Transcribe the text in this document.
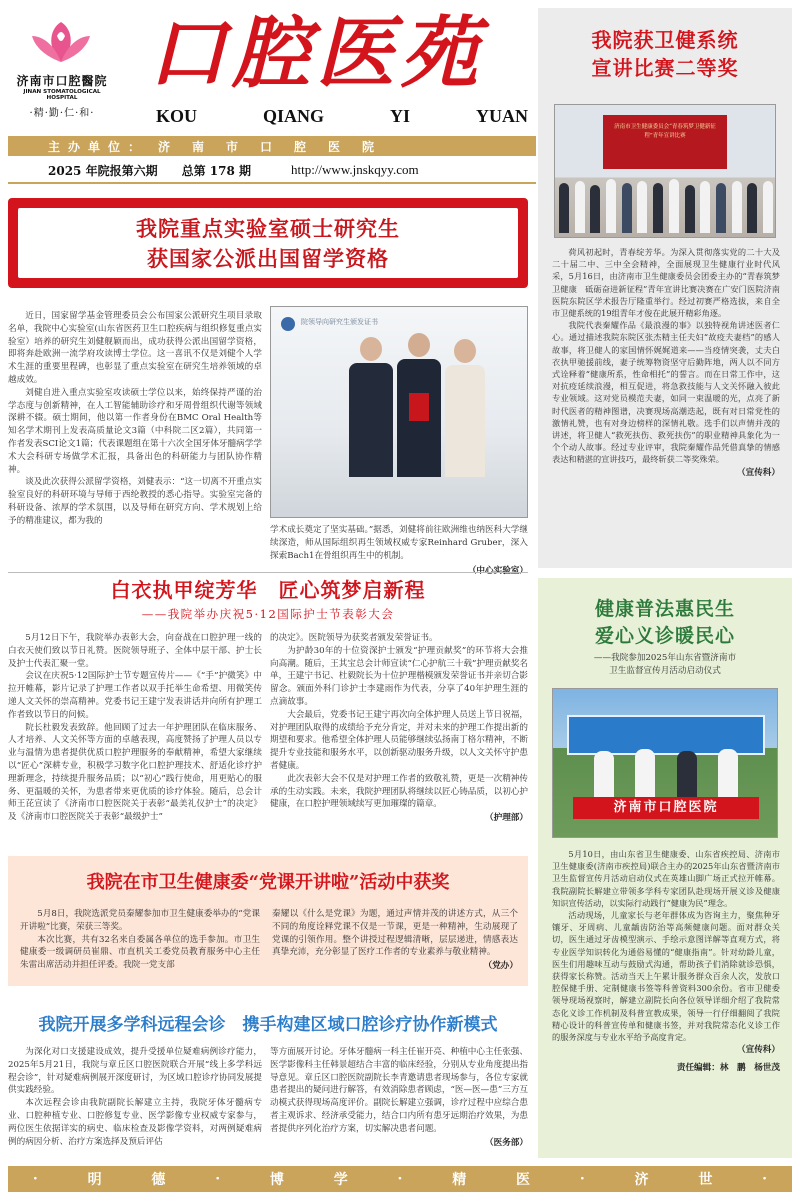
济南市口腔醫院
JINAN STOMATOLOGICAL HOSPITAL
·精·勤·仁·和·
口腔医苑
KOU	QIANG	YI	YUAN
主办单位： 济南市口腔医院
2025 年院报第六期 总第 178 期	http://www.jnskqyy.com
我院重点实验室硕士研究生
获国家公派出国留学资格

近日，国家留学基金管理委员会公布国家公派研究生项目录取名单，我院中心实验室(山东省医药卫生口腔疾病与组织修复重点实验室）培养的研究生刘健舰颖而出，成功获得公派出国留学资格，即将奔赴欧洲一流学府攻读博士学位。这一喜讯不仅是刘健个人学术生涯的重要里程碑，也彰显了重点实验室在研究生培养领域的卓越成效。

刘健自进入重点实验室攻读硕士学位以来，始终保持严谨的治学态度与创新精神，在人工智能辅助诊疗和牙周骨组织代谢等领域深耕不辍。硕士期间，他以第一作者身份在BMC Oral Health等知名学术期刊上发表高质量论文3篇（中科院二区2篇），共同第一作者发表SCI论文1篇；代表课题组在第十六次全国牙体牙髓病学学术大会科研专场做学术汇报，具备出色的科研能力与团队协作精神。

谈及此次获得公派留学资格，刘健表示：“这一切离不开重点实验室良好的科研环境与导师于西纶教授的悉心指导。实验室完备的科研设备、浓厚的学术氛围，以及导师在研究方向、学术规划上给予的精准建议，都为我的

院领导向研究生颁发证书

学术成长奠定了坚实基础。”据悉，刘健将前往欧洲维也纳医科大学继续深造，师从国际组织再生领域权威专家Reinhard Gruber，深入探索Bach1在骨组织再生中的机制。

白衣执甲绽芳华　匠心筑梦启新程
——我院举办庆祝5·12国际护士节表彰大会

5月12日下午，我院举办表彰大会，向奋战在口腔护理一线的白衣天使们致以节日礼赞。医院领导班子、全体中层干部、护士长及护士代表汇聚一堂。

会议在庆祝5·12国际护士节专题宣传片——《“手”护微笑》中拉开帷幕，影片记录了护理工作者以双手托举生命希望、用微笑传递人文关怀的崇高精神。党委书记王建宁发表讲话并向所有护理工作者致以节日的问候。

院长杜毅发表致辞。他回顾了过去一年护理团队在临床服务、人才培养、人文关怀等方面的卓越表现，高度赞扬了护理人员以专业与温情为患者提供优质口腔护理服务的奉献精神，希望大家继续以“匠心”深耕专业，积极学习数字化口腔护理技术、舒适化诊疗护理新理念，持续提升服务品质；以“初心”践行使命，用更贴心的服务、更温暖的关怀，为患者带来更优质的诊疗体验。随后，总会计师王芘宣读了《济南市口腔医院关于表彰“最美礼仪护士”的决定》及《济南市口腔医院关于表彰“最级护士”

的决定》。医院领导为获奖者颁发荣誉证书。

为护龄30年的十位资深护士颁发“护理贡献奖”的环节将大会推向高潮。随后，王其宝总会计师宣读“仁心护航三十载”护理贡献奖名单，王建宁书记、杜毅院长为十位护理楷模颁发荣誉证书并亲切合影留念。颁面外科门诊护士李建雨作为代表，分享了40年护理生涯的点滴故事。

大会最后，党委书记王建宁再次向全体护理人员送上节日祝福，对护理团队取得的成绩给予充分肯定，并对未来的护理工作提出新的期望和要求。他希望全体护理人员能够继续弘扬南丁格尔精神，不断提升专业技能和服务水平，以创新驱动服务升级，以人文关怀守护患者健康。

此次表彰大会不仅是对护理工作者的致敬礼赞，更是一次精神传承的生动实践。未来，我院护理团队将继续以匠心铸品质，以初心护健康，在口腔护理领域续写更加璀璨的篇章。

（护理部）
我院在市卫生健康委“党课开讲啦”活动中获奖

5月8日，我院选派党员秦耀参加市卫生健康委举办的“党课开讲啦”比赛，荣获三等奖。

本次比赛，共有32名来自委属各单位的选手参加。市卫生健康委一级调研员崔鼎、市直机关工委党员教育服务中心主任朱雷出席活动并担任评委。我院一党支部

秦耀以《什么是党课》为题，通过声情并茂的讲述方式，从三个不同的角度诠释党课不仅是一节课，更是一种精神，生动展现了党课的引领作用。整个讲授过程逻辑清晰，层层递进，情感表达真挚充沛，充分彰显了医疗工作者的专业素养与敬业精神。

（党办）
我院开展多学科远程会诊　携手构建区域口腔诊疗协作新模式

为深化对口支援建设成效，提升受援单位疑难病例诊疗能力，2025年5月21日，我院与章丘区口腔医院联合开展“线上多学科远程会诊”，针对疑难病例展开深度研讨，为区域口腔诊疗协同发展提供实践经验。

本次远程会诊由我院副院长解建立主持，我院牙体牙髓病专业、口腔种植专业、口腔修复专业、医学影像专业权威专家参与，两位医生依据详实的病史、临床检查及影像学资料，对两例疑难病例的病因分析、治疗方案选择及预后评估

等方面展开讨论。牙体牙髓病一科主任崔开亮、种植中心主任张强、医学影像科主任韩景超结合丰富的临床经验，分别从专业角度提出指导意见。章丘区口腔医院副院长李青邀请患者现场参与，各位专家就患者提出的疑问进行解答，有效消除患者顾虑，“医—医—患”三方互动模式获得现场高度评价。副院长解建立强调，诊疗过程中应综合患者主观诉求、经济承受能力，结合口内所有患牙远期治疗效果，为患者提供序列化治疗方案，切实解决患者问题。

（医务部）
我院获卫健系统
宣讲比赛二等奖
济南市卫生健康委员会“青春筑梦卫健新征程”青年宣讲比赛

荷风初起时，青春绽芳华。为深入贯彻落实党的二十大及二十届二中、三中全会精神，全面展现卫生健康行业时代风采，5月16日，由济南市卫生健康委员会团委主办的“青春筑梦卫健康　砥砺奋进新征程”青年宣讲比赛决赛在广安门医院济南医院东院区学术报告厅隆重举行。经过初赛严格选拔，来自全市卫健系统的19组青年才俊在此展开精彩角逐。

我院代表秦耀作品《最浪漫的事》以独特视角讲述医者仁心。通过描述我院东院区张杰精主任夫妇“故疫夫妻档”的感人故事，将卫健人的家国情怀娓娓道来——当疫情突袭，丈夫白衣执甲驰援前线，妻子统筹物资坚守后勤阵地，两人以不同方式诠释着“健康所系，性命相托”的誓言。而在日常工作中，这对抗疫延续浪漫，相互促进，将急救技能与人文关怀融入彼此专业领域。这对党员模范夫妻，如同一束温暖的光，点亮了新时代医者的精神图谱，决赛现场高潮迭起，既有对日常党性的激情礼赞，也有对身边榜样的深情礼敬。选手们以声情并茂的讲述，将卫健人“救死扶伤、救死扶伤”的职业精神具象化为一个个动人故事。经过专业评审，我院秦耀作品凭借真挚的情感表达和精湛的宣讲技巧，最终斩获二等奖殊荣。

（宣传科）
健康普法惠民生
爱心义诊暖民心
——我院参加2025年山东省暨济南市
卫生监督宣传月活动启动仪式
济南市口腔医院

5月10日，由山东省卫生健康委、山东省疾控局、济南市卫生健康委(济南市疾控局)联合主办的2025年山东省暨济南市卫生监督宣传月活动启动仪式在英雄山脚广场正式拉开帷幕。我院副院长解建立带领多学科专家团队赴现场开展义诊及健康知识宣传活动，以实际行动践行“健康为民”理念。

活动现场，儿童家长与老年群体成为咨询主力，聚焦种牙镶牙、牙周病、儿童龋齿防治等高频健康问题。面对群众关切，医生通过牙齿模型演示、手绘示意图详解等直观方式，将专业医学知识转化为通俗易懂的“健康指南”。针对幼龄儿童，医生们用趣味互动与鼓励式沟通，帮助孩子们消除就诊恐惧，获得家长称赞。活动当天上午累计服务群众百余人次，发放口腔保健手册、定制健康书签等科普资料300余份。省市卫健委领导现场视察时，解建立副院长向各位领导详细介绍了我院常态化义诊工作机制及科普宣教成果，领导一行仔细翻阅了我院精心设计的科普宣传单和健康书签，并对我院常态化义诊工作的服务深度与专业水平给予高度肯定。

（宣传科）
责任编辑：林　鹏　杨世茂
·	明	德	·	博	学	·	精	医	·	济	世	·
